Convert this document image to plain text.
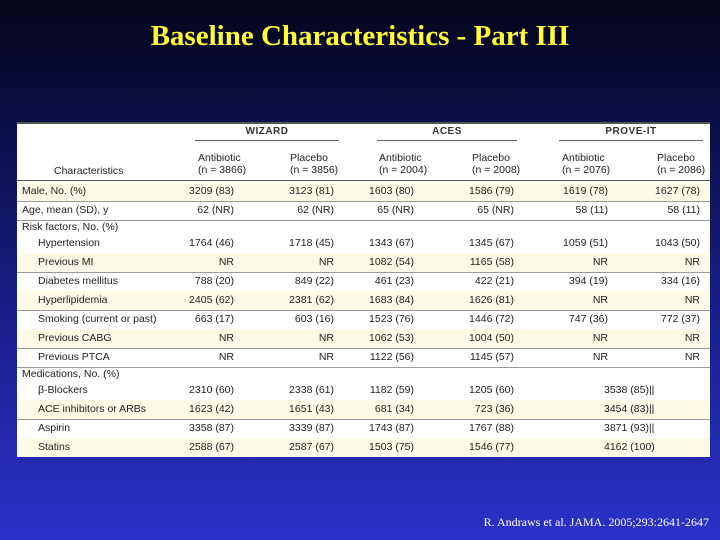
Baseline Characteristics - Part III
WIZARD
Antibiotic
(n = 3866)
Placebo
(n = 3856)
ACES
Antibiotic
(n = 2004)
Placebo
(n = 2008)
PROVE-IT
Antibiotic
(n = 2076)
Placebo
(n = 2086)
Characteristics
Male, No. (%)	3209 (83)	3123 (81)	1603 (80)	1586 (79)	1619 (78)	1627 (78)
Age, mean (SD), y	62 (NR)	62 (NR)	65 (NR)	65 (NR)	58 (11)	58 (11)
Risk factors, No. (%)
Hypertension	1764 (46)	1718 (45)	1343 (67)	1345 (67)	1059 (51)	1043 (50)
Previous MI	NR	NR	1082 (54)	1165 (58)	NR	NR
Diabetes mellitus	788 (20)	849 (22)	461 (23)	422 (21)	394 (19)	334 (16)
Hyperlipidemia	2405 (62)	2381 (62)	1683 (84)	1626 (81)	NR	NR
Smoking (current or past)	663 (17)	603 (16)	1523 (76)	1446 (72)	747 (36)	772 (37)
Previous CABG	NR	NR	1062 (53)	1004 (50)	NR	NR
Previous PTCA	NR	NR	1122 (56)	1145 (57)	NR	NR
Medications, No. (%)
β-Blockers	2310 (60)	2338 (61)	1182 (59)	1205 (60)	3538 (85)||
ACE inhibitors or ARBs	1623 (42)	1651 (43)	681 (34)	723 (36)	3454 (83)||
Aspirin	3358 (87)	3339 (87)	1743 (87)	1767 (88)	3871 (93)||
Statins	2588 (67)	2587 (67)	1503 (75)	1546 (77)	4162 (100)
R. Andraws et al. JAMA. 2005;293:2641-2647
